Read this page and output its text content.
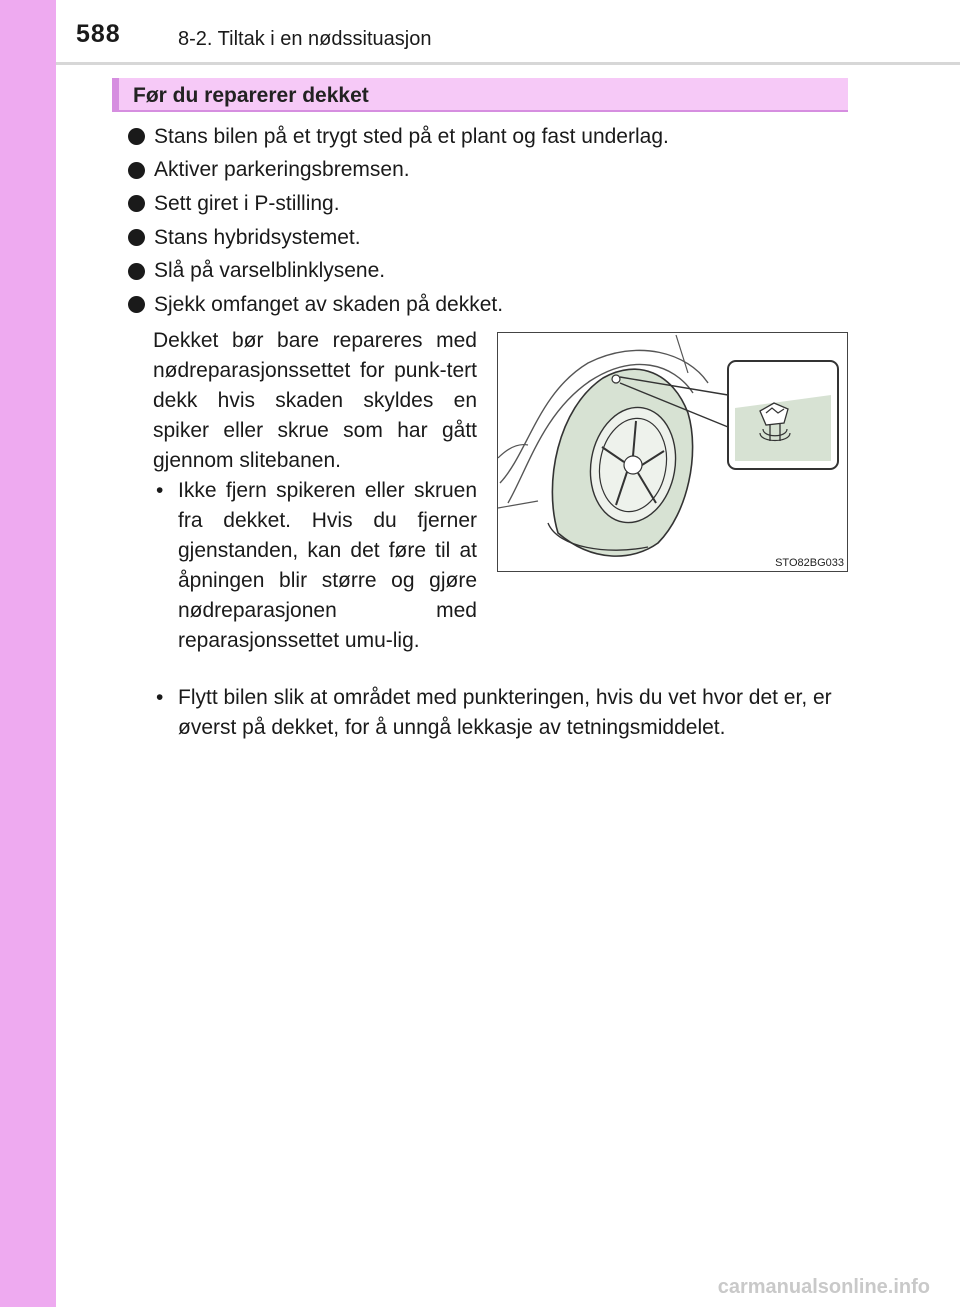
588	8-2. Tiltak i en nødssituasjon
Før du reparerer dekket
Stans bilen på et trygt sted på et plant og fast underlag.
Aktiver parkeringsbremsen.
Sett giret i P-stilling.
Stans hybridsystemet.
Slå på varselblinklysene.
Sjekk omfanget av skaden på dekket.

Dekket bør bare repareres med nødreparasjonssettet for punk-tert dekk hvis skaden skyldes en spiker eller skrue som har gått gjennom slitebanen.

• Ikke fjern spikeren eller skruen fra dekket. Hvis du fjerner gjenstanden, kan det føre til at åpningen blir større og gjøre nødreparasjonen med reparasjonssettet umu-lig.
• Flytt bilen slik at området med punkteringen, hvis du vet hvor det er, er øverst på dekket, for å unngå lekkasje av tetningsmiddelet.
STO82BG033
carmanualsonline.info
